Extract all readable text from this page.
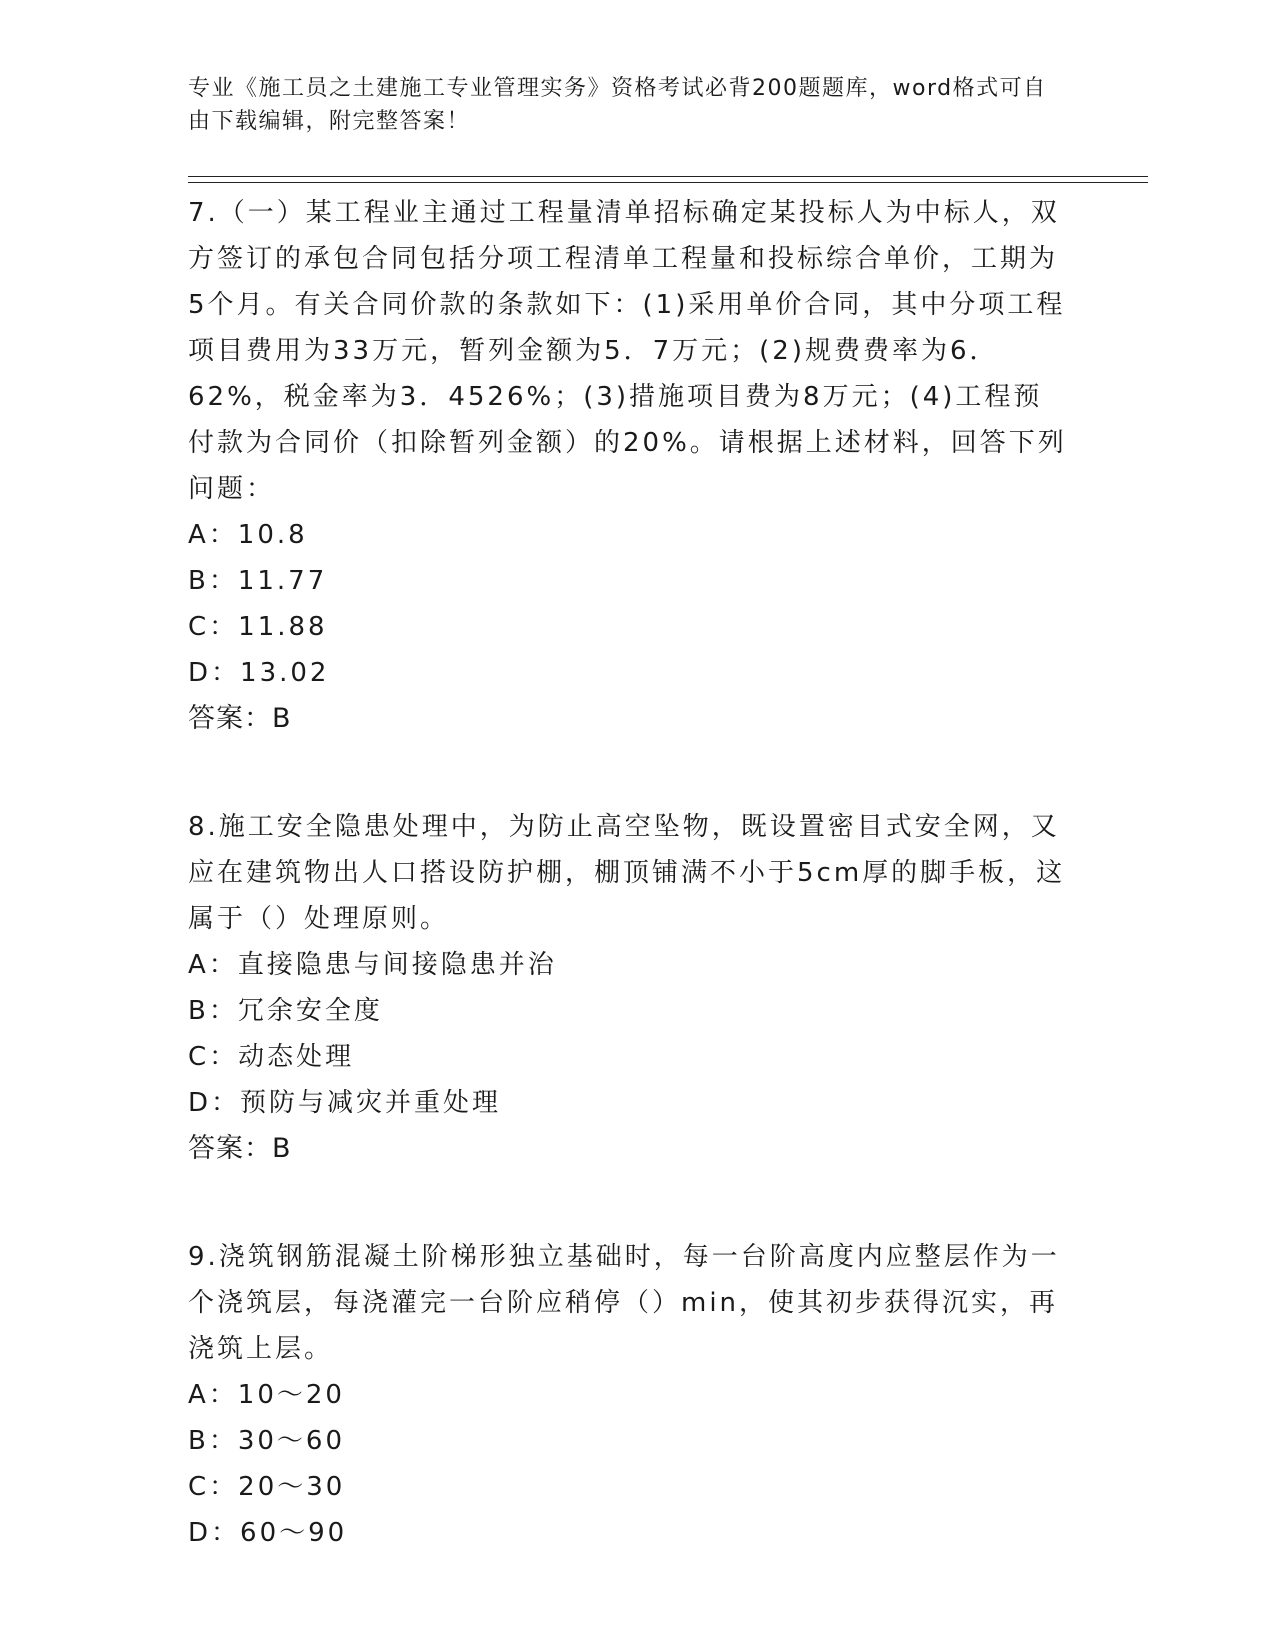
专业《施工员之土建施工专业管理实务》资格考试必背200题题库，word格式可自由下载编辑，附完整答案！

7.（一）某工程业主通过工程量清单招标确定某投标人为中标人，双方签订的承包合同包括分项工程清单工程量和投标综合单价，工期为5个月。有关合同价款的条款如下：(1)采用单价合同，其中分项工程项目费用为33万元，暂列金额为5．7万元；(2)规费费率为6．62%，税金率为3．4526%；(3)措施项目费为8万元；(4)工程预付款为合同价（扣除暂列金额）的20%。请根据上述材料，回答下列问题：

A：10.8
B：11.77
C：11.88
D：13.02
答案：B

8.施工安全隐患处理中，为防止高空坠物，既设置密目式安全网，又应在建筑物出人口搭设防护棚，棚顶铺满不小于5cm厚的脚手板，这属于（）处理原则。

A：直接隐患与间接隐患并治
B：冗余安全度
C：动态处理
D：预防与减灾并重处理
答案：B

9.浇筑钢筋混凝土阶梯形独立基础时，每一台阶高度内应整层作为一个浇筑层，每浇灌完一台阶应稍停（）min，使其初步获得沉实，再浇筑上层。

A：10～20
B：30～60
C：20～30
D：60～90
